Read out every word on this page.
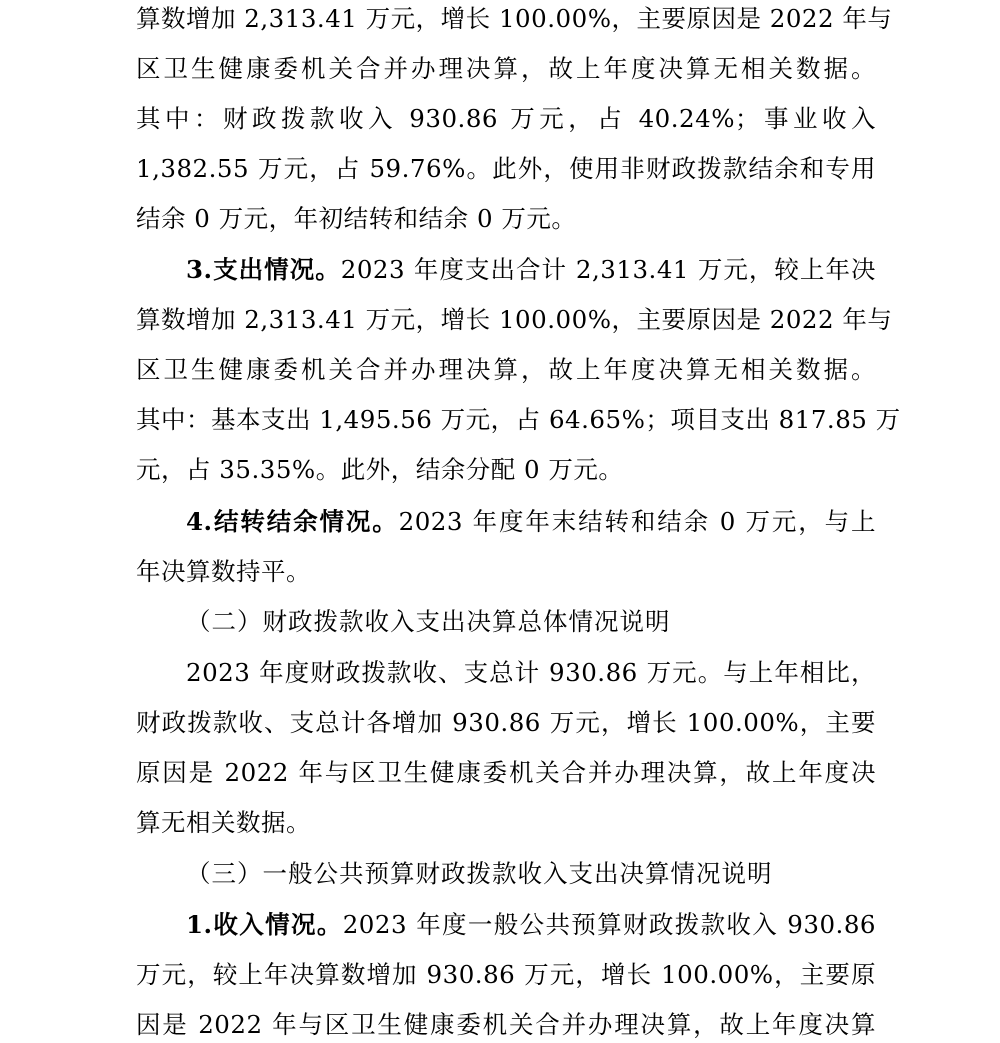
算数增加 2,313.41 万元，增长 100.00%，主要原因是 2022 年与
区卫生健康委机关合并办理决算，故上年度决算无相关数据。
其中：财政拨款收入 930.86 万元，占 40.24%；事业收入
1,382.55 万元，占 59.76%。此外，使用非财政拨款结余和专用
结余 0 万元，年初结转和结余 0 万元。
3.支出情况。2023 年度支出合计 2,313.41 万元，较上年决
算数增加 2,313.41 万元，增长 100.00%，主要原因是 2022 年与
区卫生健康委机关合并办理决算，故上年度决算无相关数据。
其中：基本支出 1,495.56 万元，占 64.65%；项目支出 817.85 万
元，占 35.35%。此外，结余分配 0 万元。
4.结转结余情况。2023 年度年末结转和结余 0 万元，与上
年决算数持平。
（二）财政拨款收入支出决算总体情况说明
2023 年度财政拨款收、支总计 930.86 万元。与上年相比，
财政拨款收、支总计各增加 930.86 万元，增长 100.00%，主要
原因是 2022 年与区卫生健康委机关合并办理决算，故上年度决
算无相关数据。
（三）一般公共预算财政拨款收入支出决算情况说明
1.收入情况。2023 年度一般公共预算财政拨款收入 930.86
万元，较上年决算数增加 930.86 万元，增长 100.00%，主要原
因是 2022 年与区卫生健康委机关合并办理决算，故上年度决算
